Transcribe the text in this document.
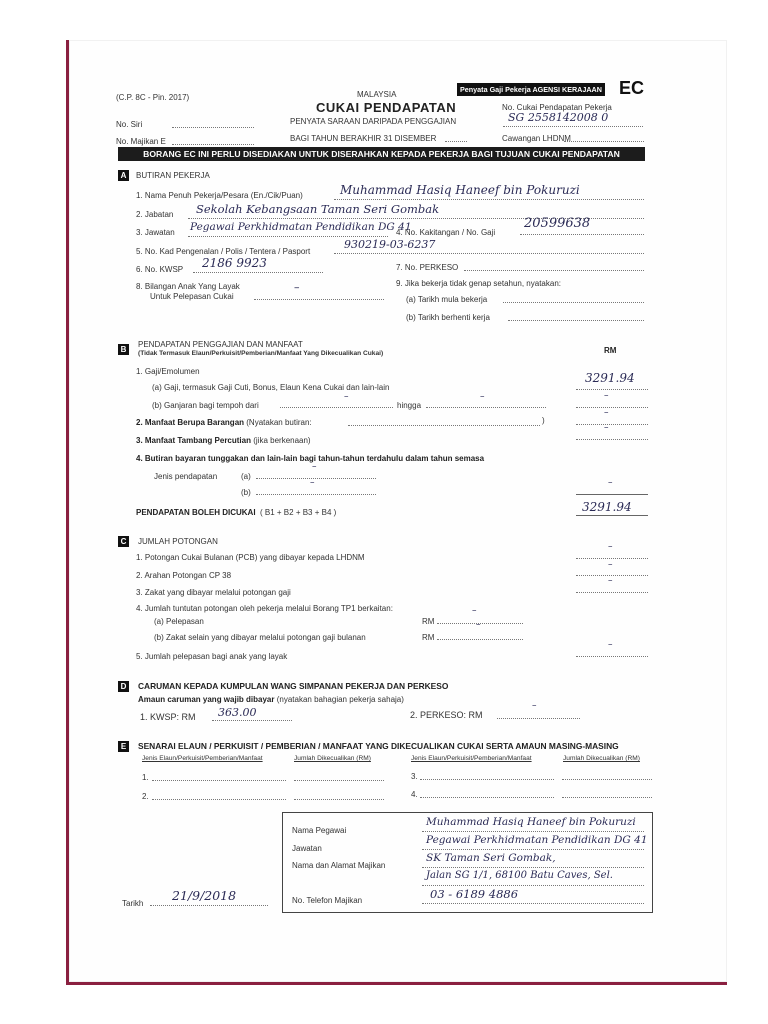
(C.P. 8C - Pin. 2017)	MALAYSIA
CUKAI PENDAPATAN
PENYATA SARAAN DARIPADA PENGGAJIAN
BAGI TAHUN BERAKHIR 31 DISEMBER
Penyata Gaji Pekerja AGENSI KERAJAAN EC
No. Siri
No. Majikan E
No. Cukai Pendapatan Pekerja
SG 2558142008 0
Cawangan LHDNM
BORANG EC INI PERLU DISEDIAKAN UNTUK DISERAHKAN KEPADA PEKERJA BAGI TUJUAN CUKAI PENDAPATAN
A	BUTIRAN PEKERJA
1. Nama Penuh Pekerja/Pesara (En./Cik/Puan)	Muhammad Hasiq Haneef bin Pokuruzi
2. Jabatan Sekolah Kebangsaan Taman Seri Gombak
3. Jawatan Pegawai Perkhidmatan Pendidikan DG 41
4. No. Kakitangan / No. Gaji
20599638
5. No. Kad Pengenalan / Polis / Tentera / Pasport
930219-03-6237
6. No. KWSP 2186 9923	7. No. PERKESO
8. Bilangan Anak Yang Layak
Untuk Pelepasan Cukai
–	9. Jika bekerja tidak genap setahun, nyatakan:
(a) Tarikh mula bekerja
(b) Tarikh berhenti kerja
B
PENDAPATAN PENGGAJIAN DAN MANFAAT
(Tidak Termasuk Elaun/Perkuisit/Pemberian/Manfaat Yang Dikecualikan Cukai)	RM
1. Gaji/Emolumen
(a) Gaji, termasuk Gaji Cuti, Bonus, Elaun Kena Cukai dan lain-lain
3291.94
(b) Ganjaran bagi tempoh dari
–
hingga
–	–
2. Manfaat Berupa Barangan (Nyatakan butiran:	)
–
3. Manfaat Tambang Percutian (jika berkenaan)
–
4. Butiran bayaran tunggakan dan lain-lain bagi tahun-tahun terdahulu dalam tahun semasa
Jenis pendapatan	(a)
–
(b)
–	–
PENDAPATAN BOLEH DICUKAI ( B1 + B2 + B3 + B4 )	3291.94
C	JUMLAH POTONGAN
1. Potongan Cukai Bulanan (PCB) yang dibayar kepada LHDNM
–
2. Arahan Potongan CP 38
–
3. Zakat yang dibayar melalui potongan gaji
–
4. Jumlah tuntutan potongan oleh pekerja melalui Borang TP1 berkaitan:
(a) Pelepasan	RM
–
(b) Zakat selain yang dibayar melalui potongan gaji bulanan	RM
–
5. Jumlah pelepasan bagi anak yang layak
–
D	CARUMAN KEPADA KUMPULAN WANG SIMPANAN PEKERJA DAN PERKESO
Amaun caruman yang wajib dibayar (nyatakan bahagian pekerja sahaja)
1. KWSP: RM 363.00	2. PERKESO: RM
–
E	SENARAI ELAUN / PERKUISIT / PEMBERIAN / MANFAAT YANG DIKECUALIKAN CUKAI SERTA AMAUN MASING-MASING
Jenis Elaun/Perkuisit/Pemberian/Manfaat	Jumlah Dikecualikan (RM)	Jenis Elaun/Perkuisit/Pemberian/Manfaat	Jumlah Dikecualikan (RM)
1.
2.
3.
4.
Nama Pegawai
Muhammad Hasiq Haneef bin Pokuruzi
Jawatan
Pegawai Perkhidmatan Pendidikan DG 41
Nama dan Alamat Majikan
SK Taman Seri Gombak,
Jalan SG 1/1, 68100 Batu Caves, Sel.
No. Telefon Majikan	03 - 6189 4886
Tarikh
21/9/2018
